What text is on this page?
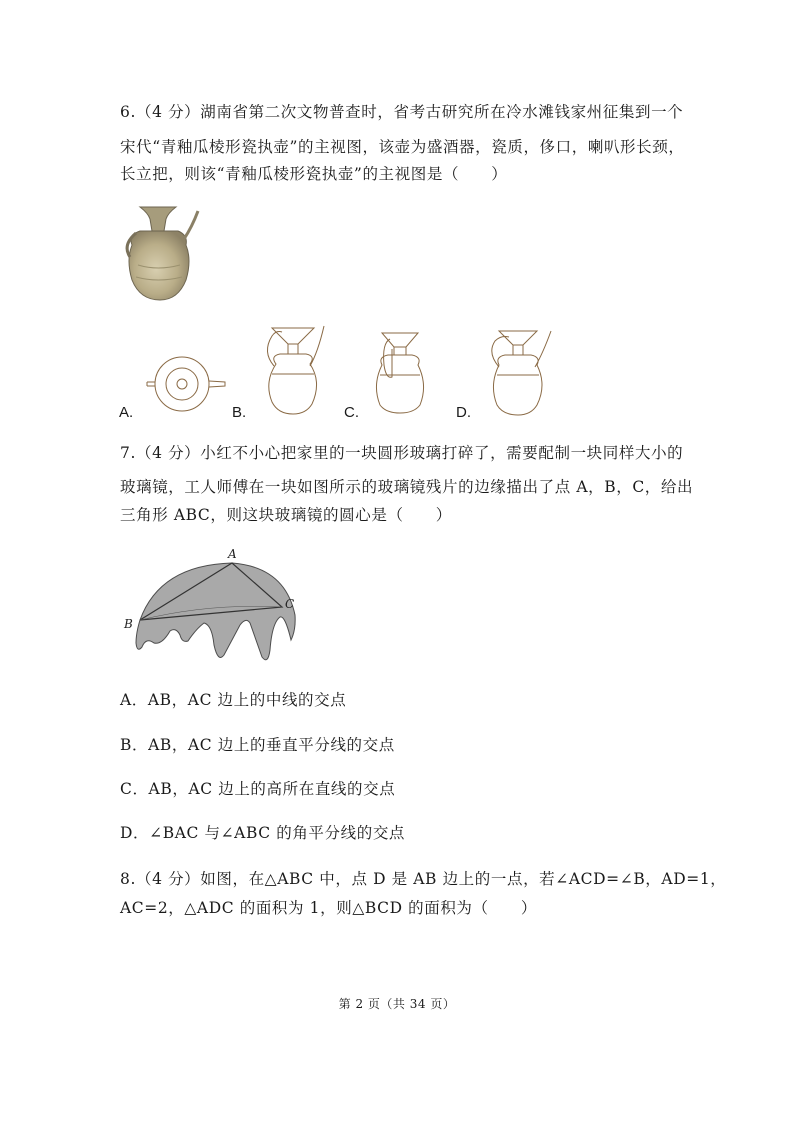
6.（4 分）湖南省第二次文物普查时，省考古研究所在冷水滩钱家州征集到一个
宋代“青釉瓜棱形瓷执壶”的主视图，该壶为盛酒器，瓷质，侈口，喇叭形长颈，
长立把，则该“青釉瓜棱形瓷执壶”的主视图是（　　）
A.	B.	C.	D.
7.（4 分）小红不小心把家里的一块圆形玻璃打碎了，需要配制一块同样大小的
玻璃镜，工人师傅在一块如图所示的玻璃镜残片的边缘描出了点 A，B，C，给出
三角形 ABC，则这块玻璃镜的圆心是（　　）
A
B
C
A．AB，AC 边上的中线的交点
B．AB，AC 边上的垂直平分线的交点
C．AB，AC 边上的高所在直线的交点
D．∠BAC 与∠ABC 的角平分线的交点
8.（4 分）如图，在△ABC 中，点 D 是 AB 边上的一点，若∠ACD=∠B，AD=1，
AC=2，△ADC 的面积为 1，则△BCD 的面积为（　　）
第 2 页（共 34 页）
